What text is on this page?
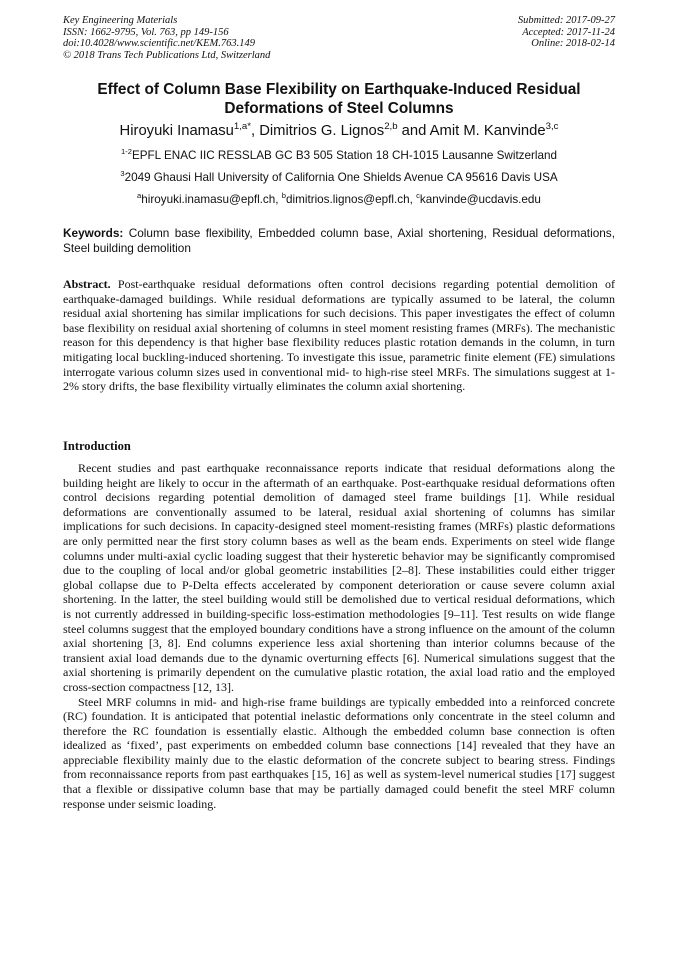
Key Engineering Materials
ISSN: 1662-9795, Vol. 763, pp 149-156
doi:10.4028/www.scientific.net/KEM.763.149
© 2018 Trans Tech Publications Ltd, Switzerland
Submitted: 2017-09-27
Accepted: 2017-11-24
Online: 2018-02-14
Effect of Column Base Flexibility on Earthquake-Induced Residual Deformations of Steel Columns
Hiroyuki Inamasu$^{1,a*}$, Dimitrios G. Lignos$^{2,b}$ and Amit M. Kanvinde$^{3,c}$
$^{1-2}$EPFL ENAC IIC RESSLAB GC B3 505 Station 18 CH-1015 Lausanne Switzerland
$^3$2049 Ghausi Hall University of California One Shields Avenue CA 95616 Davis USA
$^a$hiroyuki.inamasu@epfl.ch, $^b$dimitrios.lignos@epfl.ch, $^c$kanvinde@ucdavis.edu
Keywords: Column base flexibility, Embedded column base, Axial shortening, Residual deformations, Steel building demolition
Abstract. Post-earthquake residual deformations often control decisions regarding potential demolition of earthquake-damaged buildings. While residual deformations are typically assumed to be lateral, the column residual axial shortening has similar implications for such decisions. This paper investigates the effect of column base flexibility on residual axial shortening of columns in steel moment resisting frames (MRFs). The mechanistic reason for this dependency is that higher base flexibility reduces plastic rotation demands in the column, in turn mitigating local buckling-induced shortening. To investigate this issue, parametric finite element (FE) simulations interrogate various column sizes used in conventional mid- to high-rise steel MRFs. The simulations suggest at 1-2% story drifts, the base flexibility virtually eliminates the column axial shortening.
Introduction

Recent studies and past earthquake reconnaissance reports indicate that residual deformations along the building height are likely to occur in the aftermath of an earthquake. Post-earthquake residual deformations often control decisions regarding potential demolition of damaged steel frame buildings [1]. While residual deformations are conventionally assumed to be lateral, residual axial shortening of columns has similar implications for such decisions. In capacity-designed steel moment-resisting frames (MRFs) plastic deformations are only permitted near the first story column bases as well as the beam ends. Experiments on steel wide flange columns under multi-axial cyclic loading suggest that their hysteretic behavior may be significantly compromised due to the coupling of local and/or global geometric instabilities [2–8]. These instabilities could either trigger global collapse due to P-Delta effects accelerated by component deterioration or cause severe column axial shortening. In the latter, the steel building would still be demolished due to vertical residual deformations, which is not currently addressed in building-specific loss-estimation methodologies [9–11]. Test results on wide flange steel columns suggest that the employed boundary conditions have a strong influence on the amount of the column axial shortening [3, 8]. End columns experience less axial shortening than interior columns because of the transient axial load demands due to the dynamic overturning effects [6]. Numerical simulations suggest that the axial shortening is primarily dependent on the cumulative plastic rotation, the axial load ratio and the employed cross-section compactness [12, 13].

Steel MRF columns in mid- and high-rise frame buildings are typically embedded into a reinforced concrete (RC) foundation. It is anticipated that potential inelastic deformations only concentrate in the steel column and therefore the RC foundation is essentially elastic. Although the embedded column base connection is often idealized as ‘fixed’, past experiments on embedded column base connections [14] revealed that they have an appreciable flexibility mainly due to the elastic deformation of the concrete subject to bearing stress. Findings from reconnaissance reports from past earthquakes [15, 16] as well as system-level numerical studies [17] suggest that a flexible or dissipative column base that may be partially damaged could benefit the steel MRF column response under seismic loading.
